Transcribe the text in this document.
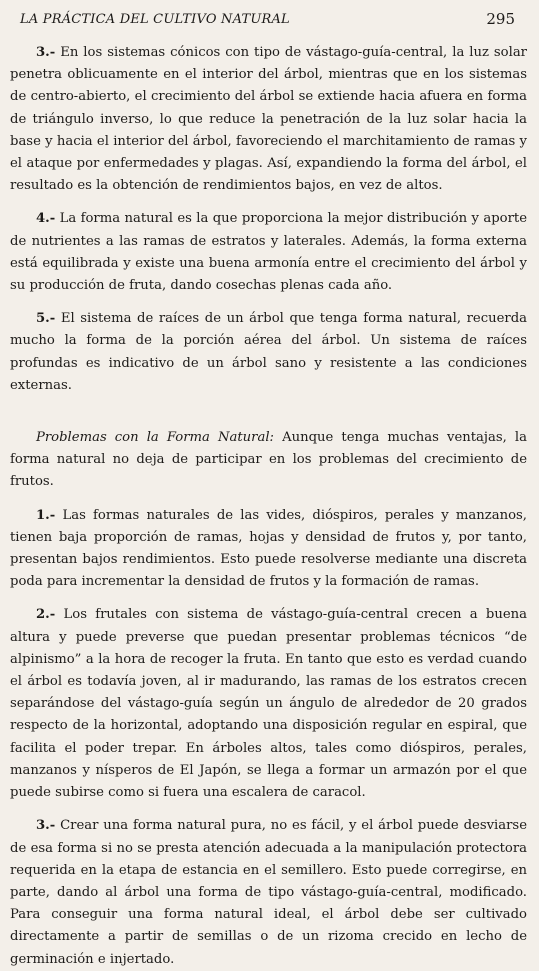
LA PRÁCTICA DEL CULTIVO NATURAL	295

3.- En los sistemas cónicos con tipo de vástago-guía-central, la luz solar penetra oblicuamente en el interior del árbol, mientras que en los sistemas de centro-abierto, el crecimiento del árbol se extiende hacia afuera en forma de triángulo inverso, lo que reduce la penetración de la luz solar hacia la base y hacia el interior del árbol, favoreciendo el marchitamiento de ramas y el ataque por enfermedades y plagas. Así, expandiendo la forma del árbol, el resultado es la obtención de rendimientos bajos, en vez de altos.

4.- La forma natural es la que proporciona la mejor distribución y aporte de nutrientes a las ramas de estratos y laterales. Además, la forma externa está equilibrada y existe una buena armonía entre el crecimiento del árbol y su producción de fruta, dando cosechas plenas cada año.

5.- El sistema de raíces de un árbol que tenga forma natural, recuerda mucho la forma de la porción aérea del árbol. Un sistema de raíces profundas es indicativo de un árbol sano y resistente a las condiciones externas.

Problemas con la Forma Natural: Aunque tenga muchas ventajas, la forma natural no deja de participar en los problemas del crecimiento de frutos.

1.- Las formas naturales de las vides, dióspiros, perales y manzanos, tienen baja proporción de ramas, hojas y densidad de frutos y, por tanto, presentan bajos rendimientos. Esto puede resolverse mediante una discreta poda para incrementar la densidad de frutos y la formación de ramas.

2.- Los frutales con sistema de vástago-guía-central crecen a buena altura y puede preverse que puedan presentar problemas técnicos “de alpinismo” a la hora de recoger la fruta. En tanto que esto es verdad cuando el árbol es todavía joven, al ir madurando, las ramas de los estratos crecen separándose del vástago-guía según un ángulo de alrededor de 20 grados respecto de la horizontal, adoptando una disposición regular en espiral, que facilita el poder trepar. En árboles altos, tales como dióspiros, perales, manzanos y nísperos de El Japón, se llega a formar un armazón por el que puede subirse como si fuera una escalera de caracol.

3.- Crear una forma natural pura, no es fácil, y el árbol puede desviarse de esa forma si no se presta atención adecuada a la manipulación protectora requerida en la etapa de estancia en el semillero. Esto puede corregirse, en parte, dando al árbol una forma de tipo vástago-guía-central, modificado. Para conseguir una forma natural ideal, el árbol debe ser cultivado directamente a partir de semillas o de un rizoma crecido en lecho de germinación e injertado.
